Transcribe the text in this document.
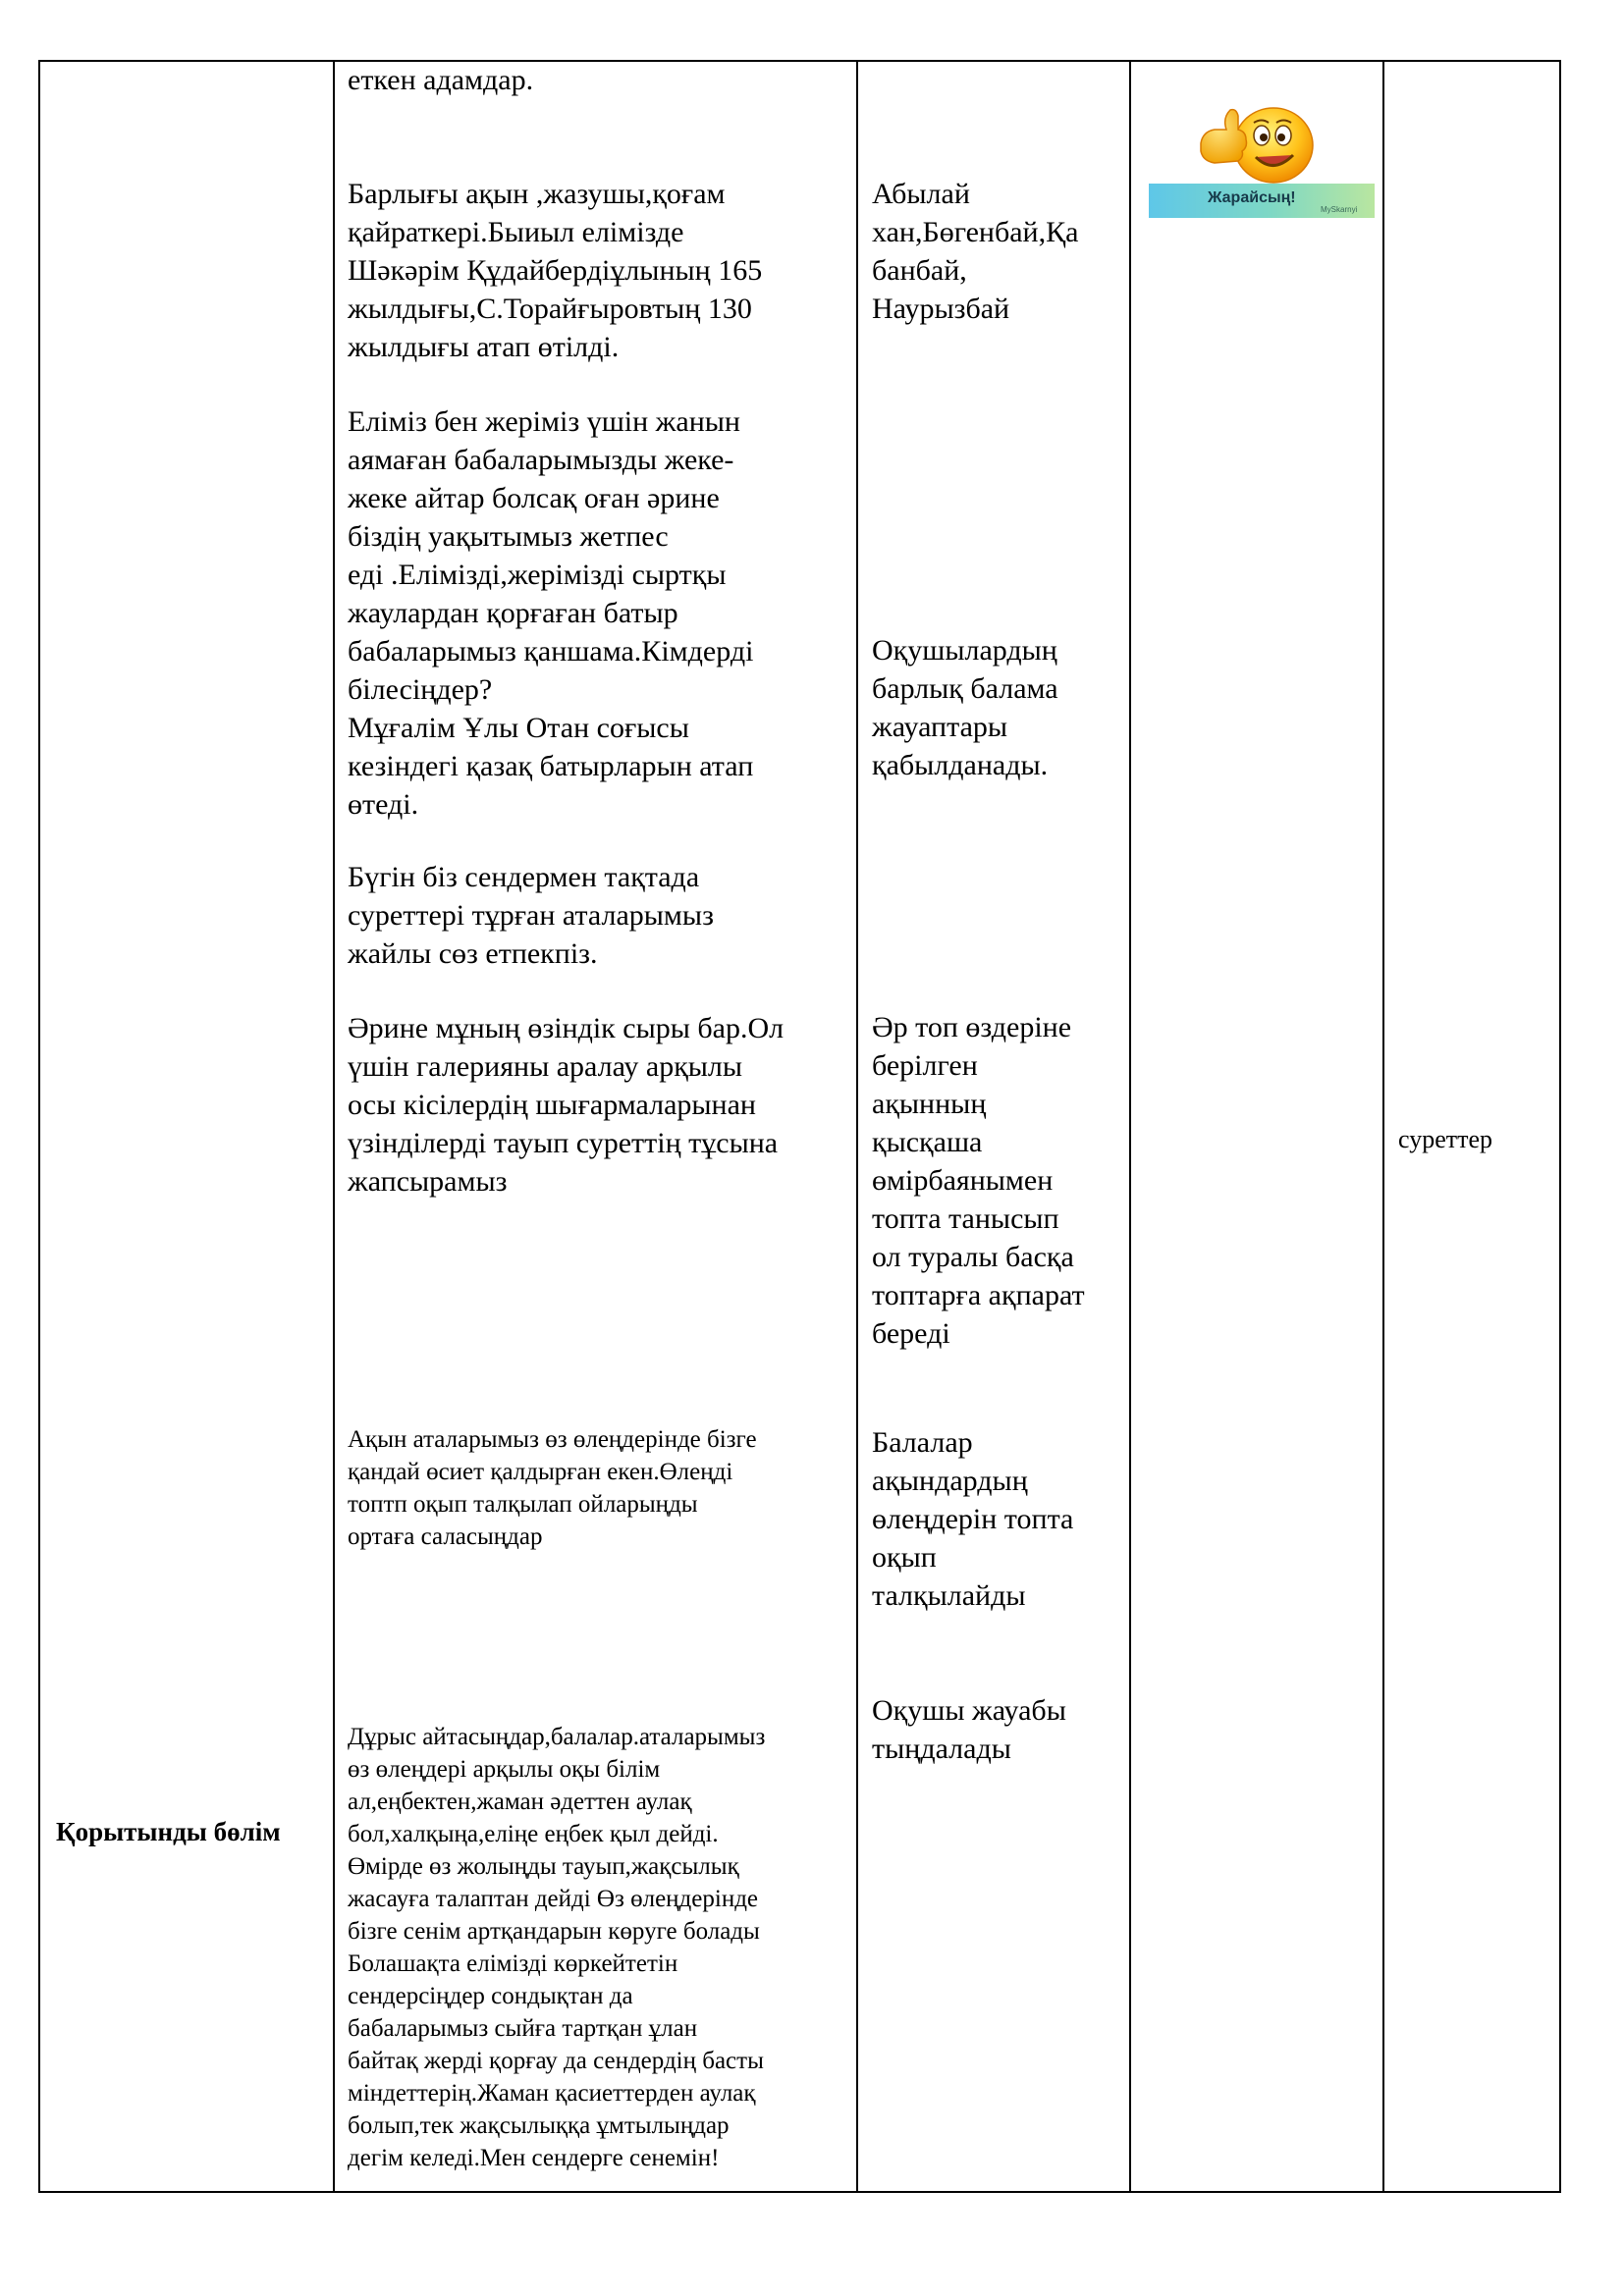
Қорытынды бөлім
еткен адамдар.
Барлығы ақын ,жазушы,қоғам
қайраткері.Быиыл елімізде
Шәкәрім Құдайбердіұлының 165
жылдығы,С.Торайғыровтың 130
жылдығы атап өтілді.
Еліміз бен жеріміз үшін жанын
аямаған бабаларымызды жеке-
жеке айтар болсақ оған әрине
біздің уақытымыз жетпес
еді .Елімізді,жерімізді сыртқы
жаулардан қорғаған батыр
бабаларымыз қаншама.Кімдерді
білесіңдер?
Мұғалім Ұлы Отан соғысы
кезіндегі қазақ батырларын атап
өтеді.
Бүгін біз сендермен тақтада
суреттері тұрған аталарымыз
жайлы сөз етпекпіз.
Әрине мұның өзіндік сыры бар.Ол
үшін галерияны аралау арқылы
осы кісілердің шығармаларынан
үзінділерді тауып суреттің тұсына
жапсырамыз
Ақын аталарымыз өз өлеңдерінде бізге
қандай өсиет қалдырған екен.Өлеңді
топтп оқып талқылап ойларыңды
ортаға саласыңдар
Дұрыс айтасыңдар,балалар.аталарымыз
өз өлеңдері арқылы оқы білім
ал,еңбектен,жаман әдеттен аулақ
бол,халқыңа,еліңе еңбек қыл дейді.
Өмірде өз жолыңды тауып,жақсылық
жасауға талаптан дейді Өз өлеңдерінде
бізге сенім артқандарын көруге болады
Болашақта елімізді көркейтетін
сендерсіңдер сондықтан да
бабаларымыз сыйға тартқан ұлан
байтақ жерді қорғау да сендердің басты
міндеттерің.Жаман қасиеттерден аулақ
болып,тек жақсылыққа ұмтылыңдар
дегім келеді.Мен сендерге сенемін!
Абылай
хан,Бөгенбай,Қа
банбай,
Наурызбай
Оқушылардың
барлық балама
жауаптары
қабылданады.
Әр топ өздеріне
берілген
ақынның
қысқаша
өмірбаянымен
топта танысып
ол туралы басқа
топтарға ақпарат
береді
Балалар
ақындардың
өлеңдерін топта
оқып
талқылайды
Оқушы жауабы
тыңдалады
Жарайсың!
MySkarnyi
суреттер
